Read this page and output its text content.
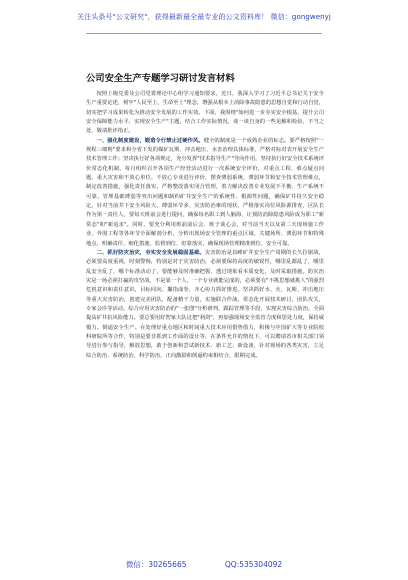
关注头条号"公文研究"，获得最新最全最专业的公文资料库！ 微信：gongwenyj
公司安全生产专题学习研讨发言材料

按照上级党委及公司党委理论中心组学习通知要求，近日，我深入学习了习近平总书记关于安全生产重要论述，树牢"人民至上，生命至上"理念，增强从根本上消除事故隐患的思想自觉和行动自觉，切实把学习成果转化为推动安全发展的工作实效。下面，我围绕"如何进一步夯实安全根基，提升公司安全保障能力水平，实现安全生产"主题，结合工作实际情况，谈一谈自身的一些见解和检验，不当之处，敬请批评指正。

一、强化制度建设，锻造令行禁止过硬作风。健全的制度是一个成熟企业的标志。要严格按照"一规程三细则"要求和全省下发的煤矿瓦斯、冲击地压、水害治理具体标准，严格对标对表开展安全生产技术管理工作；坚决执行好各项规定，充分发挥"技术指导生产"导向作用，坚持执行好安全技术系统评价常态化机制，每月组织召开各项生产经营活动进行一次系统安全评价，对重点工程、难点疑点问题、重大灾害和不放心单位、不放心专业进行评价，摆查薄弱系统、薄弱环节和安全技术管理难点，制定改善措施，强化责任落实。严格整改落实闭合管理，着力解决改善专业发展不平衡、生产系统不可靠、管理基础薄弱等突出问题和制约矿井安全生产的系统性、根源性问题，确保矿井持久安全稳定。针对当前井下安全风险大、薄弱环节多、灾害防治难的现状，严格落实岗位风险源排查、区队长作为第一责任人，要每天班前会进行提问，确保每名职工到人脑海，让预防消除隐患风险成为职工"新常态"和"新追求"。同时，要充分利用班前前后会、班子谈心会，对当前当天以及第二天现场施工作业、外围工程等各环节全面解剖分析，分析出现场安全管理的重点区域、关键场所、薄弱环节和特殊地点，明确责任、细化措施、监督到位、盯靠落实，确保现场管理精准到位、安全可靠。

二、抓好防灾治灾，夯实安全发展稳固基础。灾害防治是县睡矿井安全生产周期的长久拉锯战，必须要高度重视，时刻警惕，特别是对于灾害防治，必须要保持高度的敏锐性，哪里乱都乱了，哪里乱安全乱了，哪个标准动动了，要能够及时准确把握，透过现象看本质变化，及时采取措施。防灾治灾是一场必须打赢的攻坚战，不是靠一个人、一个专业就能完成的，必须要有"不挑思想就挑人"的强烈危机意识和责任意识，目标同向、攥指成拳，齐心协力抓好推进。坚决抓好水、火、瓦斯、冲击地压等重大灾害防治，创建完美团队，配备精干力量，实施联合作战，常态化开展技术研讨，团队攻关，专家会诊等活动，综合应用灾害防治的"一张图"分析研判、跟踪管理等手段，实现灾害综合防治，全面提高矿井抗风险能力。要总要用好智家大队这把"利剑"，再加强现场安全监管力度和惩处力度，保持威慑力。倒逼安全生产。在处理好重点地区和时间重大技术应用借势借力，积极与中国矿大等专业院校科研院所等合作，特别是要非抓到工作面的设计等，在条件允许的情况下，可以聘请省市相关部门领导进行参与指导，解放思想，敢于创新和尝试新技术、新工艺、新设备，针对现场的各类灾害，立足综合防治、系统防治、科学防治，正向激励和倒逼约束相结合，限期完成。

微信：30265665	QQ:535304092
